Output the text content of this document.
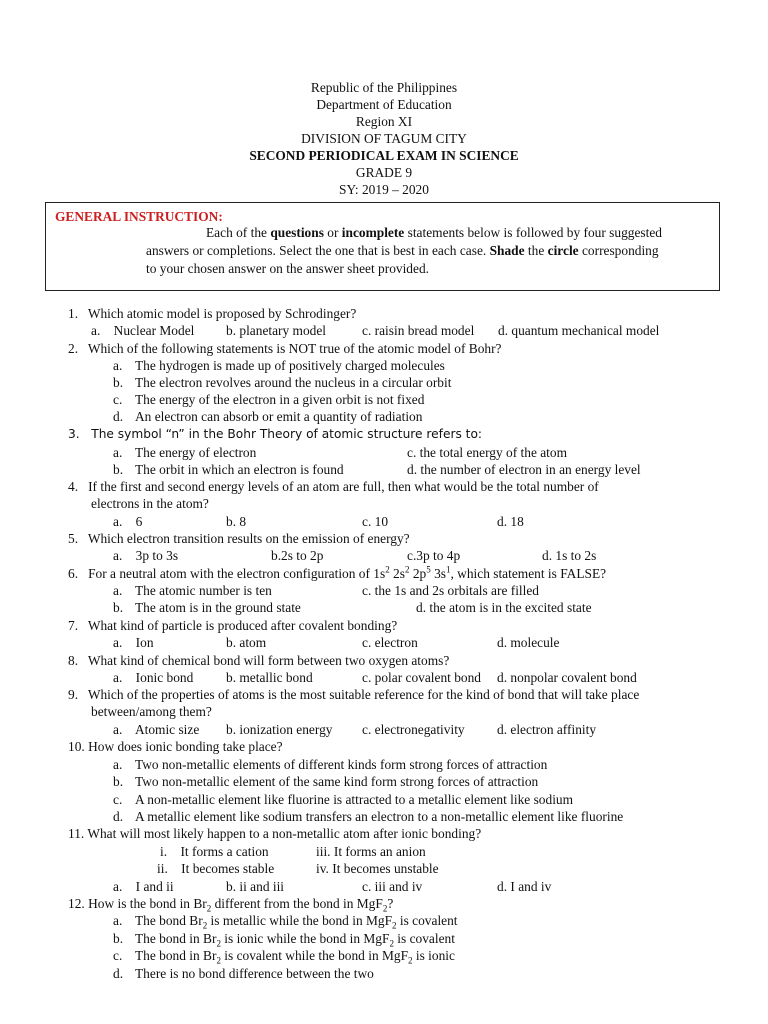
Republic of the Philippines
Department of Education
Region XI
DIVISION OF TAGUM CITY
SECOND PERIODICAL EXAM IN SCIENCE
GRADE 9
SY: 2019 – 2020
GENERAL INSTRUCTION:
Each of the questions or incomplete statements below is followed by four suggested
answers or completions. Select the one that is best in each case. Shade the circle corresponding
to your chosen answer on the answer sheet provided.
1.   Which atomic model is proposed by Schrodinger?
a.    Nuclear Model b. planetary model	c. raisin bread model d. quantum mechanical model
2.   Which of the following statements is NOT true of the atomic model of Bohr?
a. The hydrogen is made up of positively charged molecules
b. The electron revolves around the nucleus in a circular orbit
c. The energy of the electron in a given orbit is not fixed
d. An electron can absorb or emit a quantity of radiation
3.   The symbol “n” in the Bohr Theory of atomic structure refers to:
a. The energy of electron	c. the total energy of the atom
b. The orbit in which an electron is found	d. the number of electron in an energy level
4.   If the first and second energy levels of an atom are full, then what would be the total number of
electrons in the atom?
a.    6	b. 8	c. 10	d. 18
5.   Which electron transition results on the emission of energy?
a.    3p to 3s	b.2s to 2p	c.3p to 4p	d. 1s to 2s
6.   For a neutral atom with the electron configuration of $1s^2$ $2s^2$ $2p^5$ $3s^1$, which statement is FALSE?
a. The atomic number is ten	c. the 1s and 2s orbitals are filled
b. The atom is in the ground state	d. the atom is in the excited state
7.   What kind of particle is produced after covalent bonding?
a.    Ion	b. atom	c. electron	d. molecule
8.   What kind of chemical bond will form between two oxygen atoms?
a.    Ionic bond b. metallic bond	c. polar covalent bond d. nonpolar covalent bond
9.   Which of the properties of atoms is the most suitable reference for the kind of bond that will take place
between/among them?
a.    Atomic size b. ionization energy c. electronegativity d. electron affinity
10. How does ionic bonding take place?
a. Two non-metallic elements of different kinds form strong forces of attraction
b. Two non-metallic element of the same kind form strong forces of attraction
c. A non-metallic element like fluorine is attracted to a metallic element like sodium
d. A metallic element like sodium transfers an electron to a non-metallic element like fluorine
11. What will most likely happen to a non-metallic atom after ionic bonding?
i.    It forms a cation	iii. It forms an anion
ii.    It becomes stable	iv. It becomes unstable
a.    I and ii	b. ii and iii	c. iii and iv	d. I and iv
12. How is the bond in $Br_2$ different from the bond in MgF$_2$?
a. The bond $Br_2$ is metallic while the bond in MgF$_2$ is covalent
b. The bond in $Br_2$ is ionic while the bond in MgF$_2$ is covalent
c. The bond in $Br_2$ is covalent while the bond in MgF$_2$ is ionic
d. There is no bond difference between the two
